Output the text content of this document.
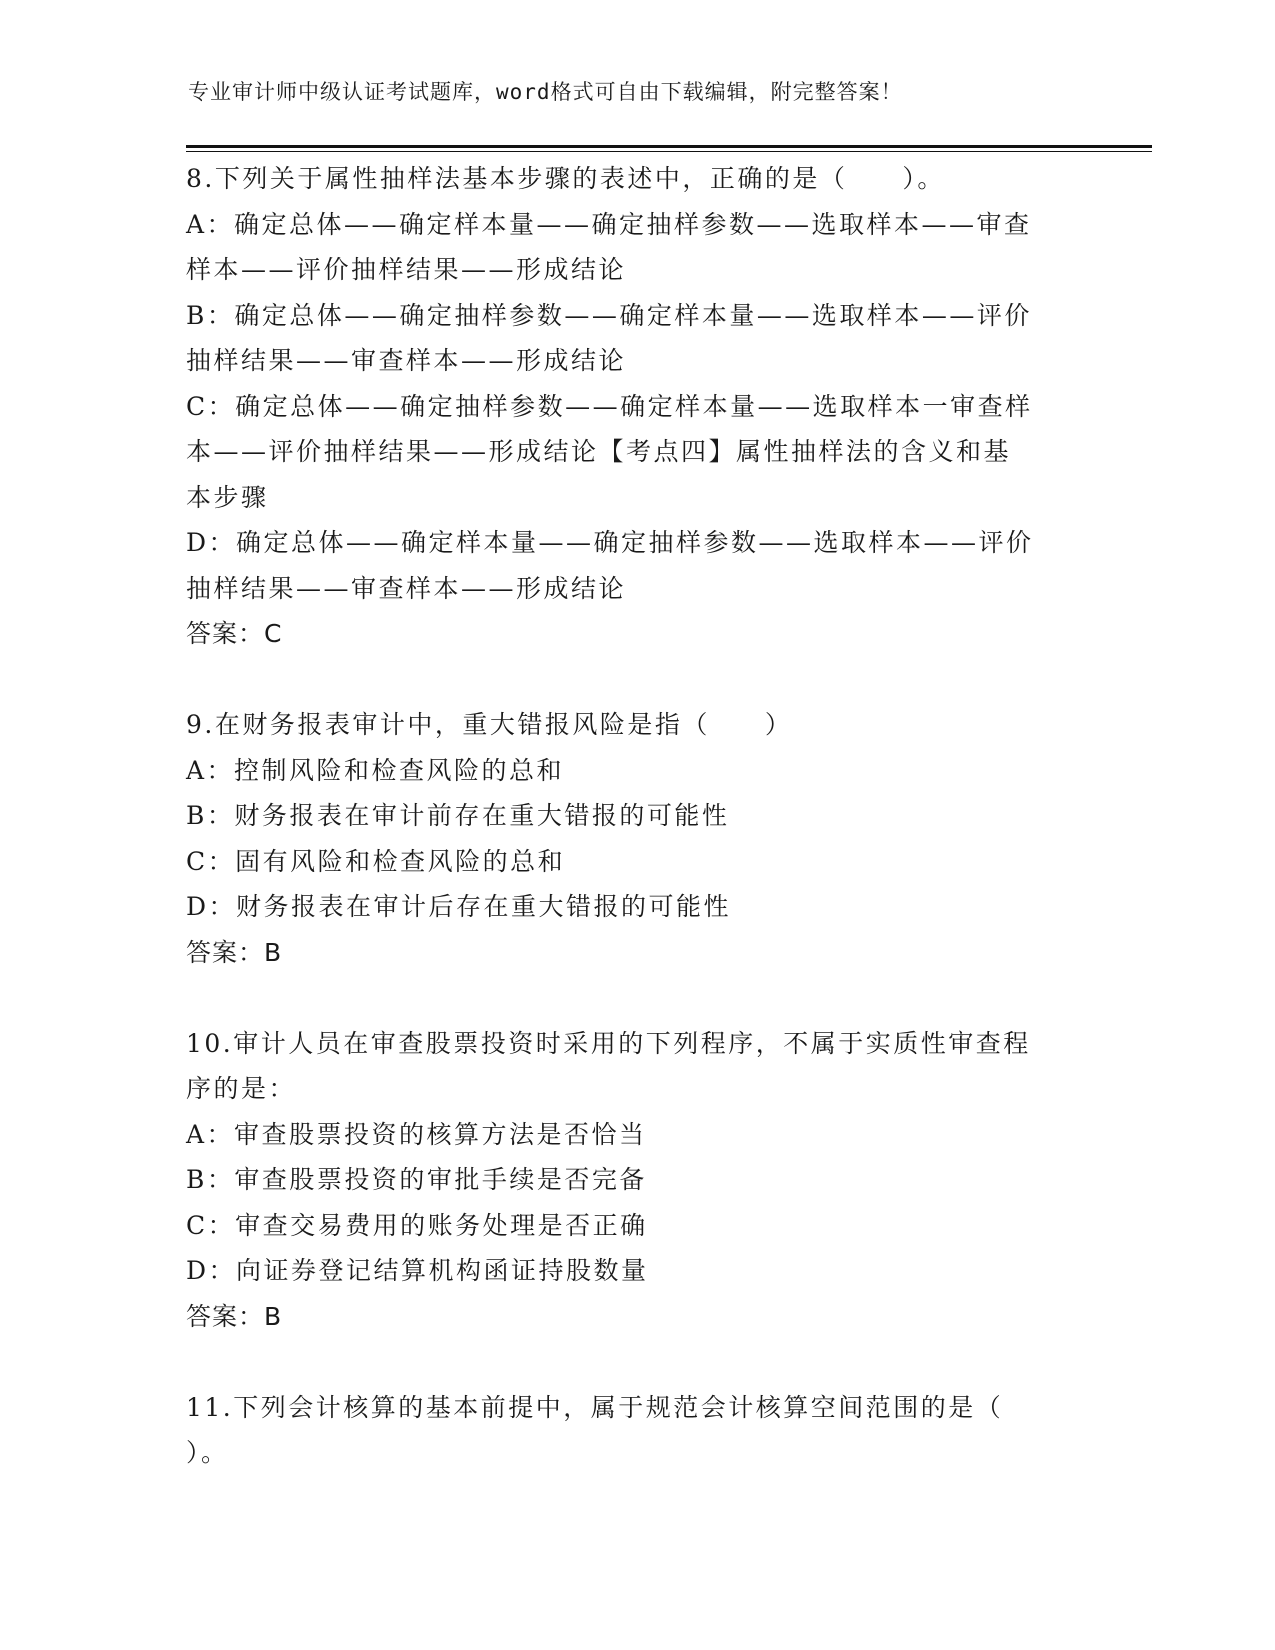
专业审计师中级认证考试题库，word格式可自由下载编辑，附完整答案！
8.下列关于属性抽样法基本步骤的表述中，正确的是（　　）。
A：确定总体——确定样本量——确定抽样参数——选取样本——审查
样本——评价抽样结果——形成结论
B：确定总体——确定抽样参数——确定样本量——选取样本——评价
抽样结果——审查样本——形成结论
C：确定总体——确定抽样参数——确定样本量——选取样本一审查样
本——评价抽样结果——形成结论【考点四】属性抽样法的含义和基
本步骤
D：确定总体——确定样本量——确定抽样参数——选取样本——评价
抽样结果——审查样本——形成结论
答案：C
9.在财务报表审计中，重大错报风险是指（　　）
A：控制风险和检查风险的总和
B：财务报表在审计前存在重大错报的可能性
C：固有风险和检查风险的总和
D：财务报表在审计后存在重大错报的可能性
答案：B
10.审计人员在审查股票投资时采用的下列程序，不属于实质性审查程
序的是：
A：审查股票投资的核算方法是否恰当
B：审查股票投资的审批手续是否完备
C：审查交易费用的账务处理是否正确
D：向证券登记结算机构函证持股数量
答案：B
11.下列会计核算的基本前提中，属于规范会计核算空间范围的是（
）。
